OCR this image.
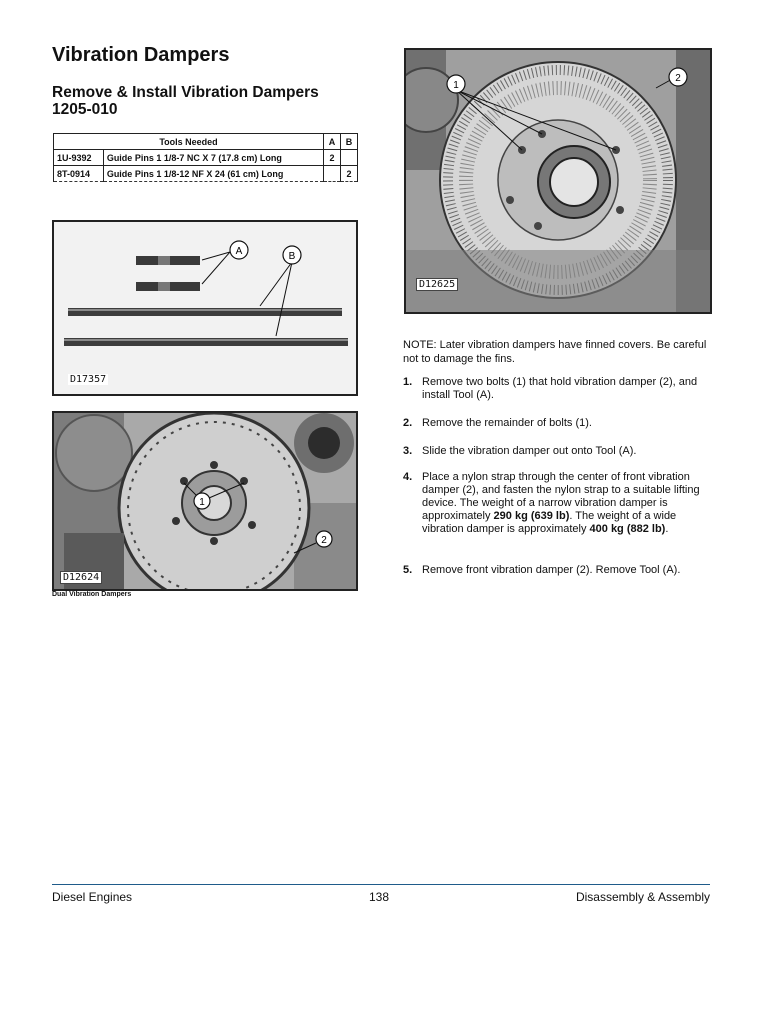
Vibration Dampers
Remove & Install Vibration Dampers 1205-010
Tools Needed		A	B
1U-9392	Guide Pins 1 1/8-7 NC X 7 (17.8 cm) Long	2	
8T-0914	Guide Pins 1 1/8-12 NF X 24 (61 cm) Long		2
A	B
D17357
1
2
D12624
Dual Vibration Dampers
1
2
D12625
NOTE: Later vibration dampers have finned covers. Be careful not to damage the fins.
1. Remove two bolts (1) that hold vibration damper (2), and install Tool (A).
2. Remove the remainder of bolts (1).
3. Slide the vibration damper out onto Tool (A).
4. Place a nylon strap through the center of front vibration damper (2), and fasten the nylon strap to a suitable lifting device. The weight of a narrow vibration damper is approximately 290 kg (639 lb). The weight of a wide vibration damper is approximately 400 kg (882 lb).
5. Remove front vibration damper (2). Remove Tool (A).
Diesel Engines	138	Disassembly & Assembly
